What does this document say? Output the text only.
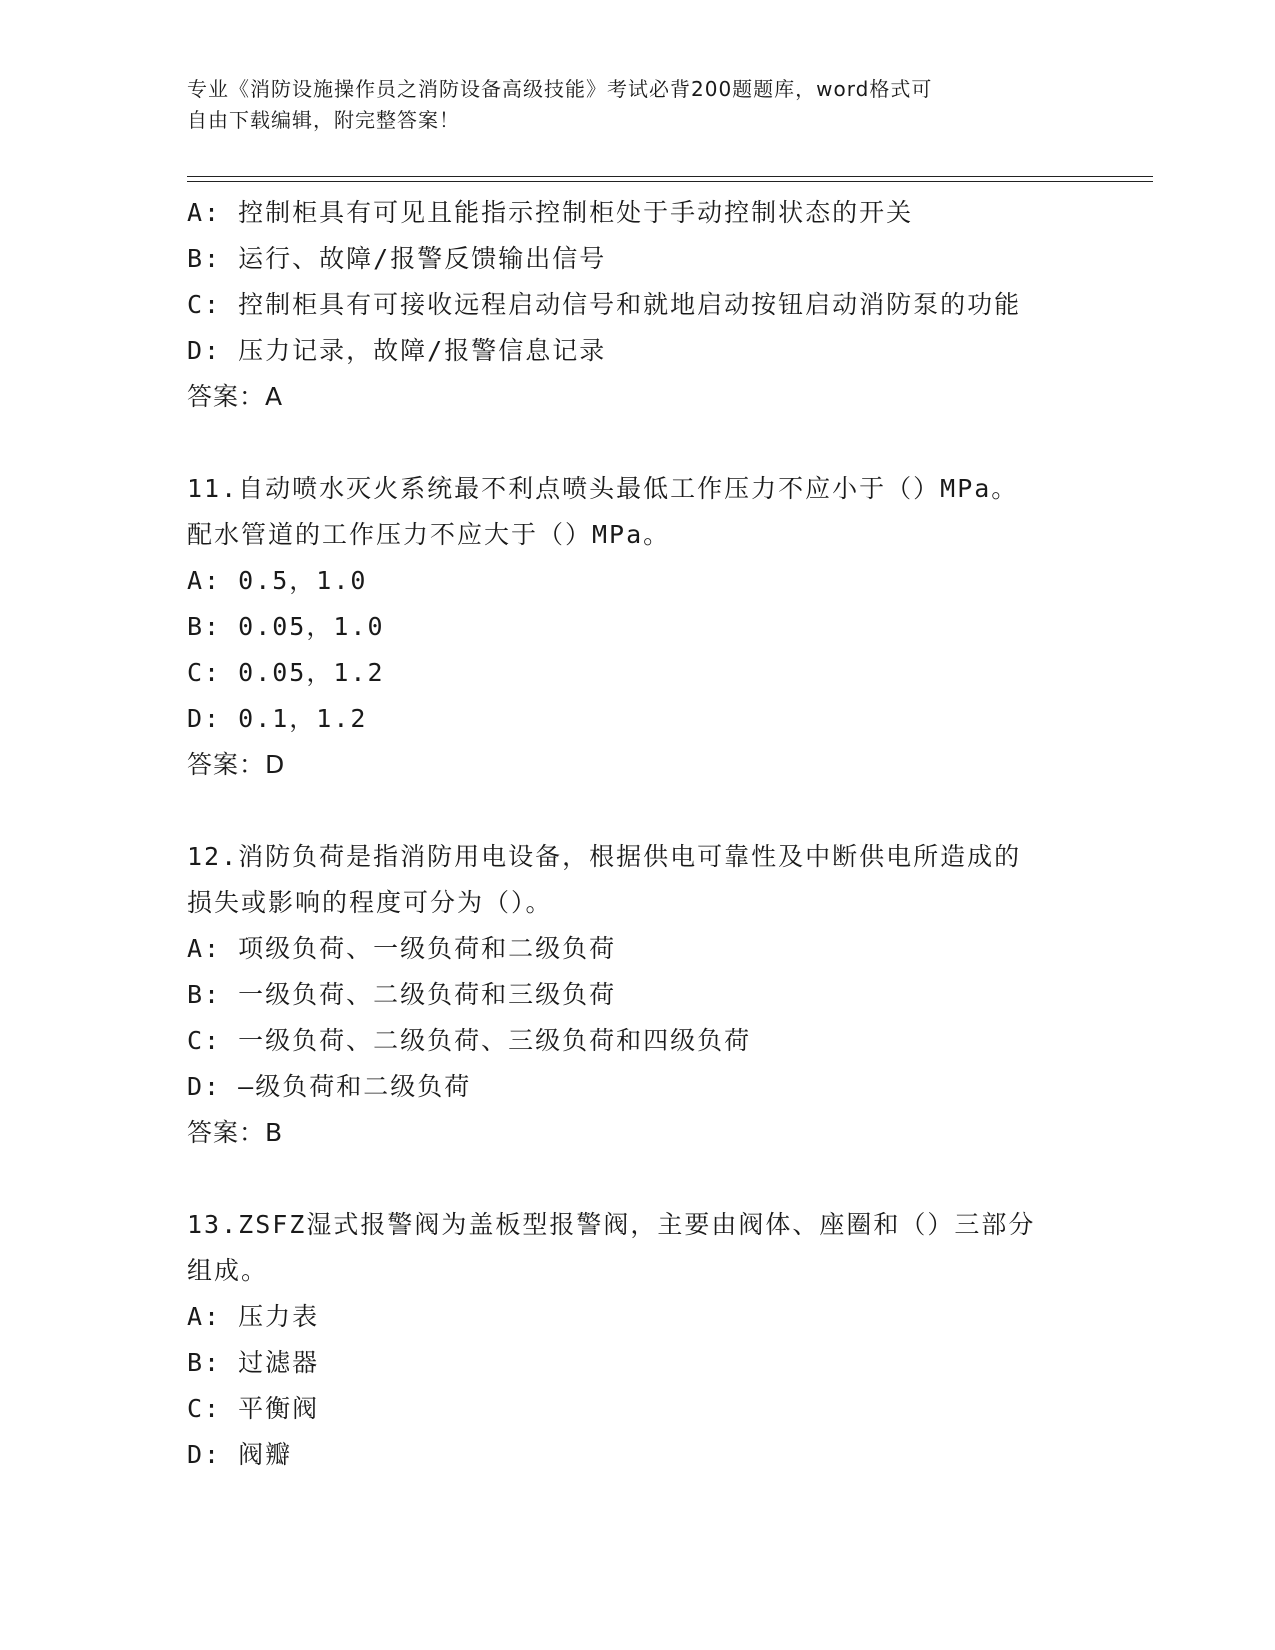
专业《消防设施操作员之消防设备高级技能》考试必背200题题库，word格式可
自由下载编辑，附完整答案！
A: 控制柜具有可见且能指示控制柜处于手动控制状态的开关
B: 运行、故障/报警反馈输出信号
C: 控制柜具有可接收远程启动信号和就地启动按钮启动消防泵的功能
D: 压力记录，故障/报警信息记录
答案：A
11.自动喷水灭火系统最不利点喷头最低工作压力不应小于（）MPa。
配水管道的工作压力不应大于（）MPa。
A: 0.5，1.0
B: 0.05，1.0
C: 0.05，1.2
D: 0.1，1.2
答案：D
12.消防负荷是指消防用电设备，根据供电可靠性及中断供电所造成的
损失或影响的程度可分为（）。
A: 项级负荷、一级负荷和二级负荷
B: 一级负荷、二级负荷和三级负荷
C: 一级负荷、二级负荷、三级负荷和四级负荷
D: —级负荷和二级负荷
答案：B
13.ZSFZ湿式报警阀为盖板型报警阀，主要由阀体、座圈和（）三部分
组成。
A: 压力表
B: 过滤器
C: 平衡阀
D: 阀瓣
